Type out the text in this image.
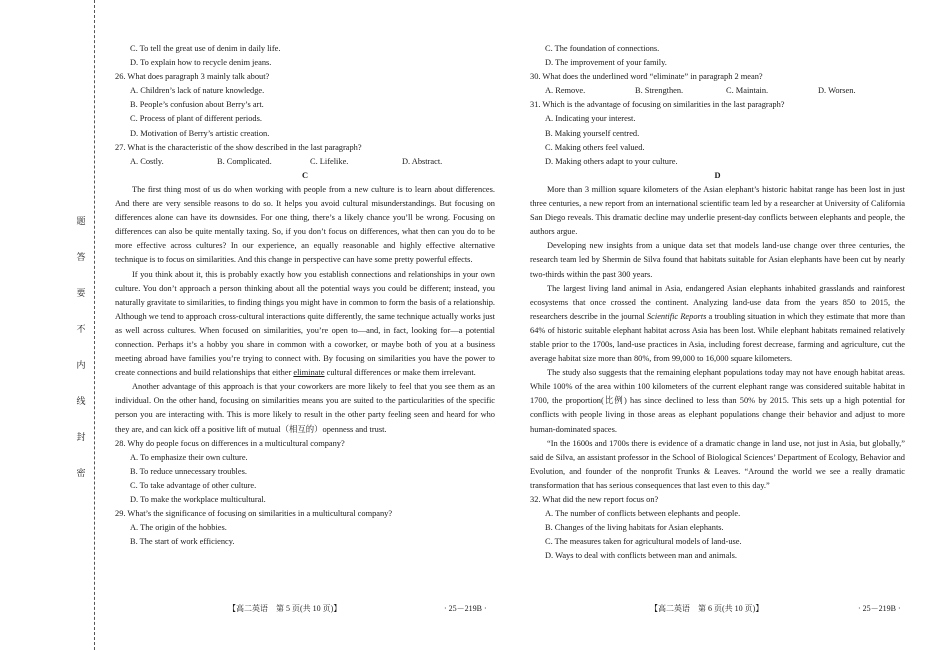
题
答
要
不
内
线
封
密

C. To tell the great use of denim in daily life.

D. To explain how to recycle denim jeans.

26. What does paragraph 3 mainly talk about?

A. Children’s lack of nature knowledge.

B. People’s confusion about Berry’s art.

C. Process of plant of different periods.

D. Motivation of Berry’s artistic creation.

27. What is the characteristic of the show described in the last paragraph?

A. Costly.	B. Complicated.	C. Lifelike.	D. Abstract.

C

The first thing most of us do when working with people from a new culture is to learn about differences. And there are very sensible reasons to do so. It helps you avoid cultural misunderstandings. But focusing on differences alone can have its downsides. For one thing, there’s a likely chance you’ll be wrong. Focusing on differences can also be quite mentally taxing. So, if you don’t focus on differences, what then can you do to be more effective across cultures? In our experience, an equally reasonable and highly effective alternative technique is to focus on similarities. And this change in perspective can have some pretty powerful effects.

If you think about it, this is probably exactly how you establish connections and relationships in your own culture. You don’t approach a person thinking about all the potential ways you could be different; instead, you naturally gravitate to similarities, to finding things you might have in common to form the basis of a relationship. Although we tend to approach cross-cultural interactions quite differently, the same technique actually works just as well across cultures. When focused on similarities, you’re open to—and, in fact, looking for—a potential connection. Perhaps it’s a hobby you share in common with a coworker, or maybe both of you at a business meeting abroad have families you’re trying to connect with. By focusing on similarities you have the power to create connections and build relationships that either eliminate cultural differences or make them irrelevant.

Another advantage of this approach is that your coworkers are more likely to feel that you see them as an individual. On the other hand, focusing on similarities means you are suited to the particularities of the specific person you are interacting with. This is more likely to result in the other party feeling seen and heard for who they are, and can kick off a positive lift of mutual（相互的）openness and trust.

28. Why do people focus on differences in a multicultural company?

A. To emphasize their own culture.

B. To reduce unnecessary troubles.

C. To take advantage of other culture.

D. To make the workplace multicultural.

29. What’s the significance of focusing on similarities in a multicultural company?

A. The origin of the hobbies.

B. The start of work efficiency.

C. The foundation of connections.

D. The improvement of your family.

30. What does the underlined word “eliminate” in paragraph 2 mean?

A. Remove.	B. Strengthen.	C. Maintain.	D. Worsen.

31. Which is the advantage of focusing on similarities in the last paragraph?

A. Indicating your interest.

B. Making yourself centred.

C. Making others feel valued.

D. Making others adapt to your culture.

D

More than 3 million square kilometers of the Asian elephant’s historic habitat range has been lost in just three centuries, a new report from an international scientific team led by a researcher at University of California San Diego reveals. This dramatic decline may underlie present-day conflicts between elephants and people, the authors argue.

Developing new insights from a unique data set that models land-use change over three centuries, the research team led by Shermin de Silva found that habitats suitable for Asian elephants have been cut by nearly two-thirds within the past 300 years.

The largest living land animal in Asia, endangered Asian elephants inhabited grasslands and rainforest ecosystems that once crossed the continent. Analyzing land-use data from the years 850 to 2015, the researchers describe in the journal Scientific Reports a troubling situation in which they estimate that more than 64% of historic suitable elephant habitat across Asia has been lost. While elephant habitats remained relatively stable prior to the 1700s, land-use practices in Asia, including forest decrease, farming and agriculture, cut the average habitat size more than 80%, from 99,000 to 16,000 square kilometers.

The study also suggests that the remaining elephant populations today may not have enough habitat areas. While 100% of the area within 100 kilometers of the current elephant range was considered suitable habitat in 1700, the proportion(比例) has since declined to less than 50% by 2015. This sets up a high potential for conflicts with people living in those areas as elephant populations change their behavior and adjust to more human-dominated spaces.

“In the 1600s and 1700s there is evidence of a dramatic change in land use, not just in Asia, but globally,” said de Silva, an assistant professor in the School of Biological Sciences’ Department of Ecology, Behavior and Evolution, and founder of the nonprofit Trunks & Leaves. “Around the world we see a really dramatic transformation that has serious consequences that last even to this day.”

32. What did the new report focus on?

A. The number of conflicts between elephants and people.

B. Changes of the living habitats for Asian elephants.

C. The measures taken for agricultural models of land-use.

D. Ways to deal with conflicts between man and animals.

【高二英语　第 5 页(共 10 页)】	· 25－219B ·	【高二英语　第 6 页(共 10 页)】	· 25－219B ·
